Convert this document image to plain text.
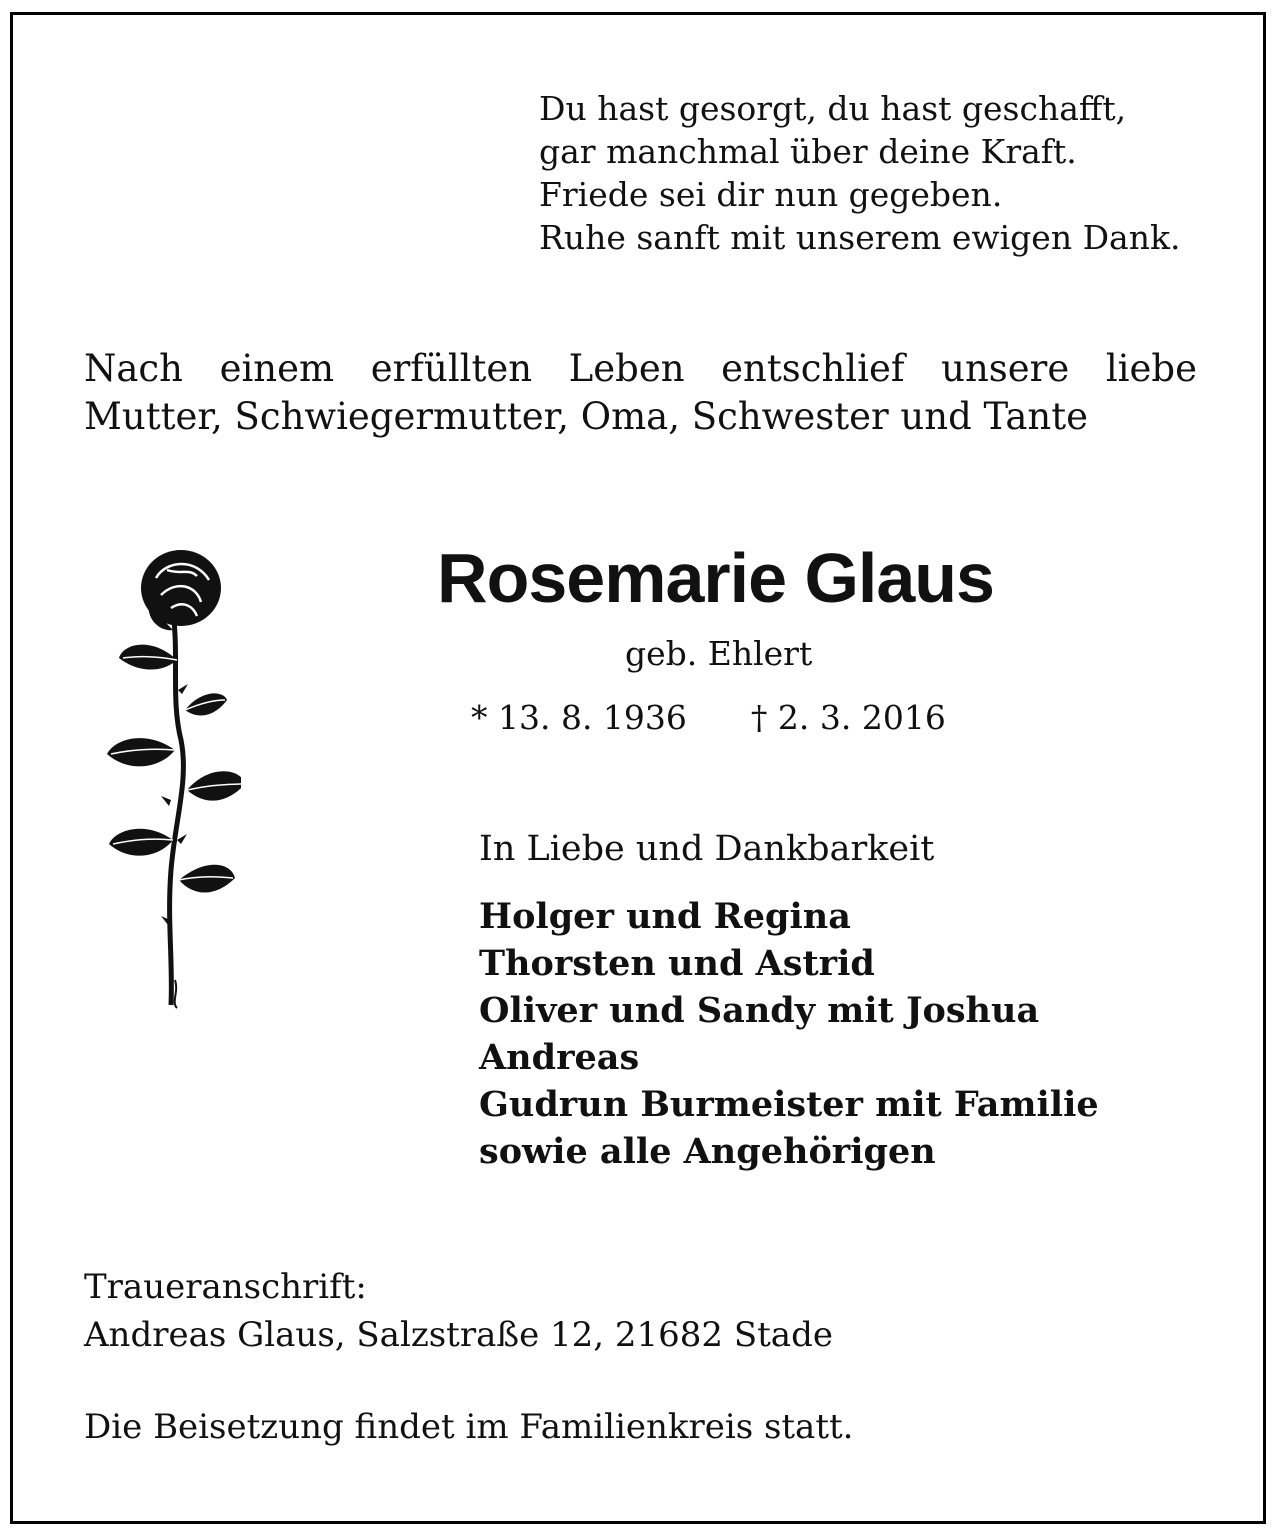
Du hast gesorgt, du hast geschafft,
gar manchmal über deine Kraft.
Friede sei dir nun gegeben.
Ruhe sanft mit unserem ewigen Dank.
Nach einem erfüllten Leben entschlief unsere liebe
Mutter, Schwiegermutter, Oma, Schwester und Tante
Rosemarie Glaus
geb. Ehlert
* 13. 8. 1936 † 2. 3. 2016
In Liebe und Dankbarkeit
Holger und Regina
Thorsten und Astrid
Oliver und Sandy mit Joshua
Andreas
Gudrun Burmeister mit Familie
sowie alle Angehörigen
Traueranschrift:
Andreas Glaus, Salzstraße 12, 21682 Stade
Die Beisetzung findet im Familienkreis statt.
